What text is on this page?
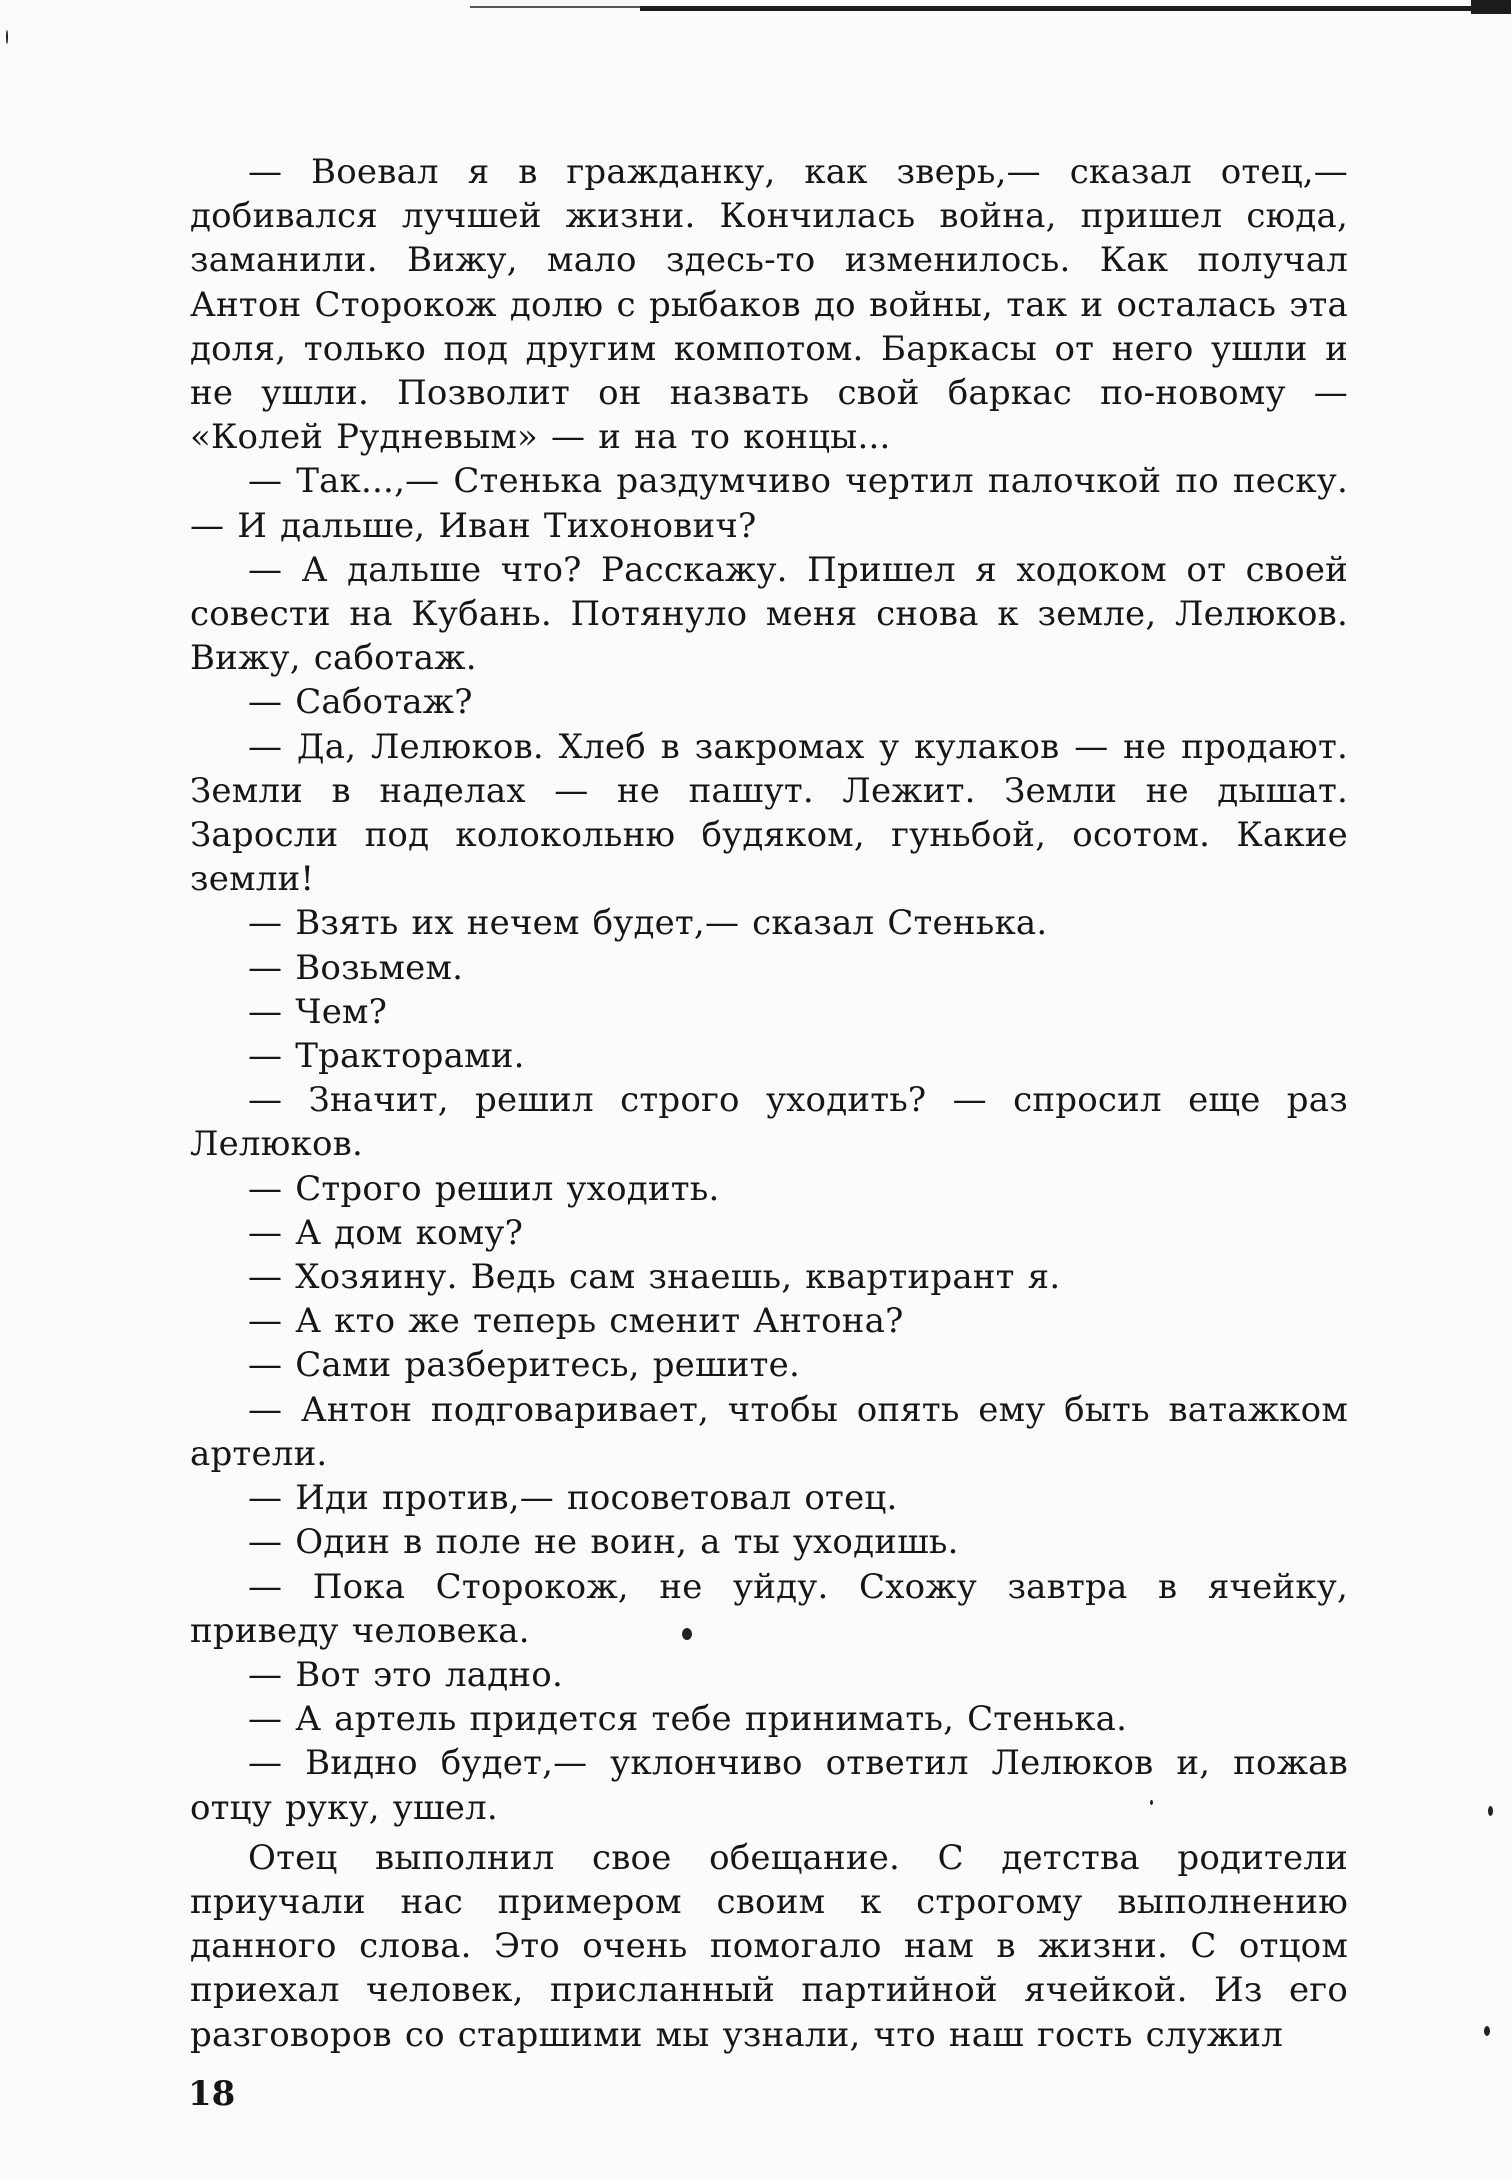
— Воевал я в гражданку, как зверь,— сказал отец,— добивался лучшей жизни. Кончилась война, пришел сюда, заманили. Вижу, мало здесь-то изменилось. Как получал Антон Сторокож долю с рыбаков до войны, так и осталась эта доля, только под другим компотом. Баркасы от него ушли и не ушли. Позволит он назвать свой баркас по-новому — «Колей Рудневым» — и на то концы...

— Так...,— Стенька раздумчиво чертил палочкой по песку.— И дальше, Иван Тихонович?

— А дальше что? Расскажу. Пришел я ходоком от своей совести на Кубань. Потянуло меня снова к земле, Лелюков. Вижу, саботаж.

— Саботаж?

— Да, Лелюков. Хлеб в закромах у кулаков — не продают. Земли в наделах — не пашут. Лежит. Земли не дышат. Заросли под колокольню будяком, гуньбой, осотом. Какие земли!

— Взять их нечем будет,— сказал Стенька.

— Возьмем.

— Чем?

— Тракторами.

— Значит, решил строго уходить? — спросил еще раз Лелюков.

— Строго решил уходить.

— А дом кому?

— Хозяину. Ведь сам знаешь, квартирант я.

— А кто же теперь сменит Антона?

— Сами разберитесь, решите.

— Антон подговаривает, чтобы опять ему быть ватажком артели.

— Иди против,— посоветовал отец.

— Один в поле не воин, а ты уходишь.

— Пока Сторокож, не уйду. Схожу завтра в ячейку, приведу человека.

— Вот это ладно.

— А артель придется тебе принимать, Стенька.

— Видно будет,— уклончиво ответил Лелюков и, пожав отцу руку, ушел.

Отец выполнил свое обещание. С детства родители приучали нас примером своим к строгому выполнению данного слова. Это очень помогало нам в жизни. С отцом приехал человек, присланный партийной ячейкой. Из его разговоров со старшими мы узнали, что наш гость служил

18
